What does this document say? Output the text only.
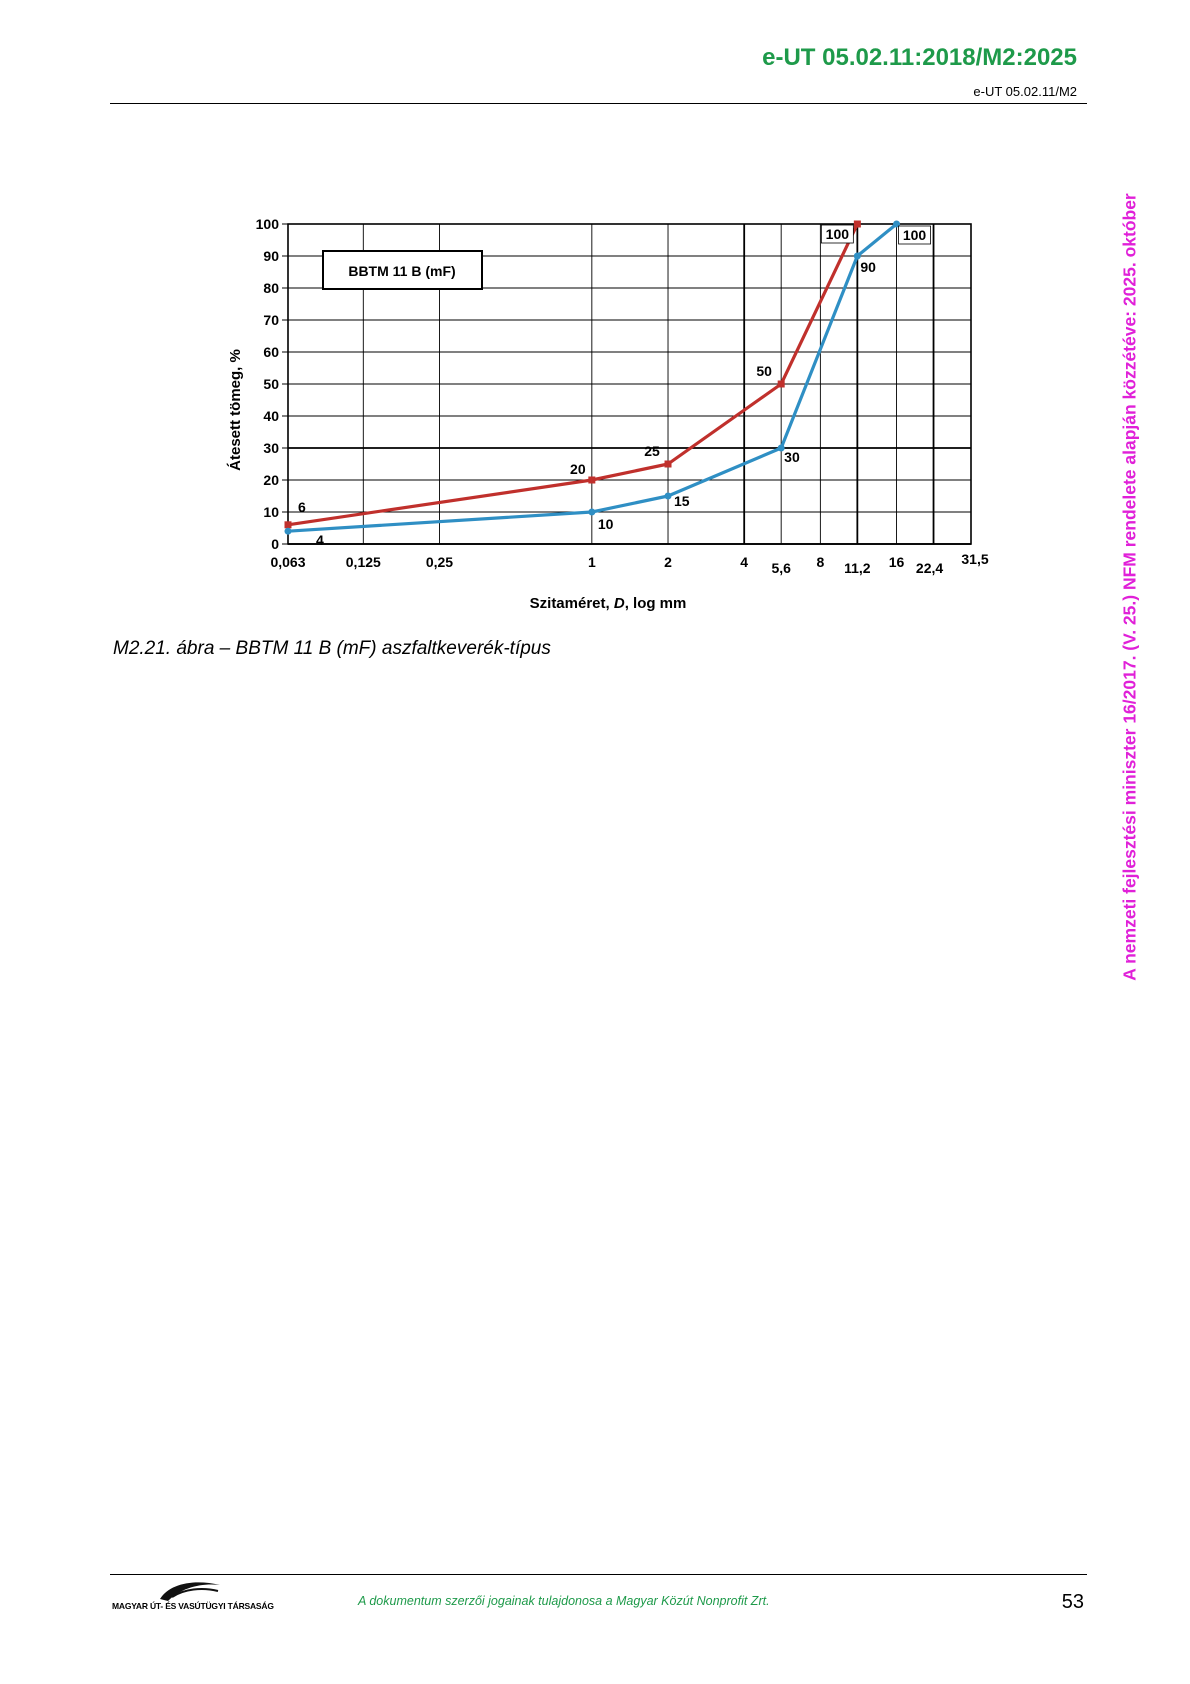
e-UT 05.02.11:2018/M2:2025
e-UT 05.02.11/M2
A nemzeti fejlesztési miniszter 16/2017. (V. 25.) NFM rendelete alapján közzétéve: 2025. október
0
10
20
30
40
50
60
70
80
90
100
0,063	0,125	0,25	1	2	4 5,6 8 11,2 16 22,4
31,5
BBTM 11 B (mF)
Átesett tömeg, %
Szitaméret, D, log mm
6
20
25
50
100
4
10
15
30
90
100
M2.21. ábra – BBTM 11 B (mF) aszfaltkeverék-típus
MAGYAR ÚT- ÉS VASÚTÜGYI TÁRSASÁG	A dokumentum szerzői jogainak tulajdonosa a Magyar Közút Nonprofit Zrt.	53
